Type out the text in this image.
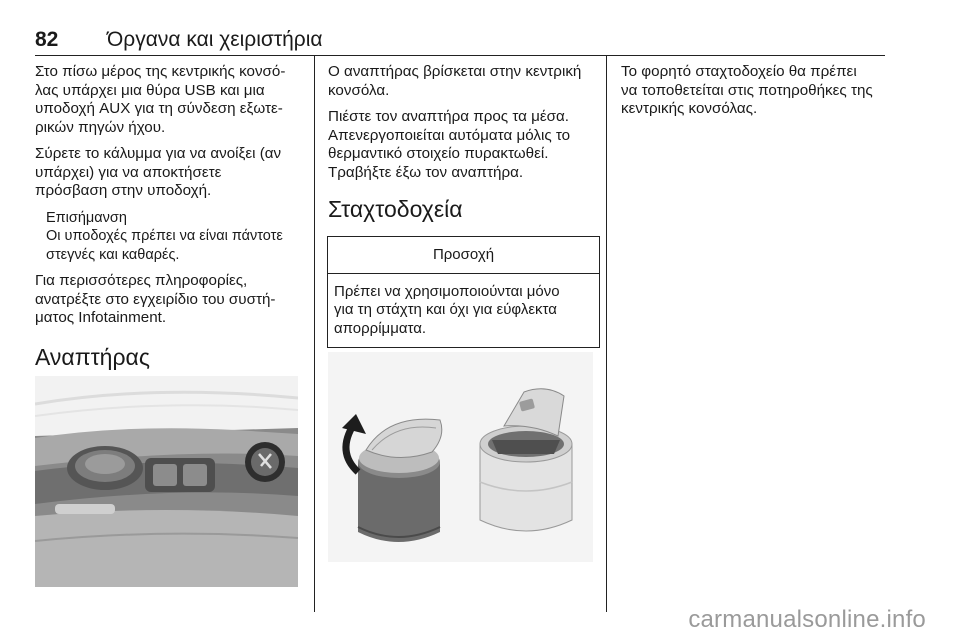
82 Όργανα και χειριστήρια

Στο πίσω μέρος της κεντρικής κονσό-
λας υπάρχει μια θύρα USB και μια
υποδοχή AUX για τη σύνδεση εξωτε-
ρικών πηγών ήχου.

Σύρετε το κάλυμμα για να ανοίξει (αν
υπάρχει) για να αποκτήσετε
πρόσβαση στην υποδοχή.

Επισήμανση
Οι υποδοχές πρέπει να είναι πάντοτε
στεγνές και καθαρές.

Για περισσότερες πληροφορίες,
ανατρέξτε στο εγχειρίδιο του συστή-
ματος Infotainment.

Αναπτήρας

Ο αναπτήρας βρίσκεται στην κεντρική
κονσόλα.

Πιέστε τον αναπτήρα προς τα μέσα.
Απενεργοποιείται αυτόματα μόλις το
θερμαντικό στοιχείο πυρακτωθεί.
Τραβήξτε έξω τον αναπτήρα.

Σταχτοδοχεία
Προσοχή
Πρέπει να χρησιμοποιούνται μόνο
για τη στάχτη και όχι για εύφλεκτα
απορρίμματα.

Το φορητό σταχτοδοχείο θα πρέπει
να τοποθετείται στις ποτηροθήκες της
κεντρικής κονσόλας.

carmanualsonline.info
